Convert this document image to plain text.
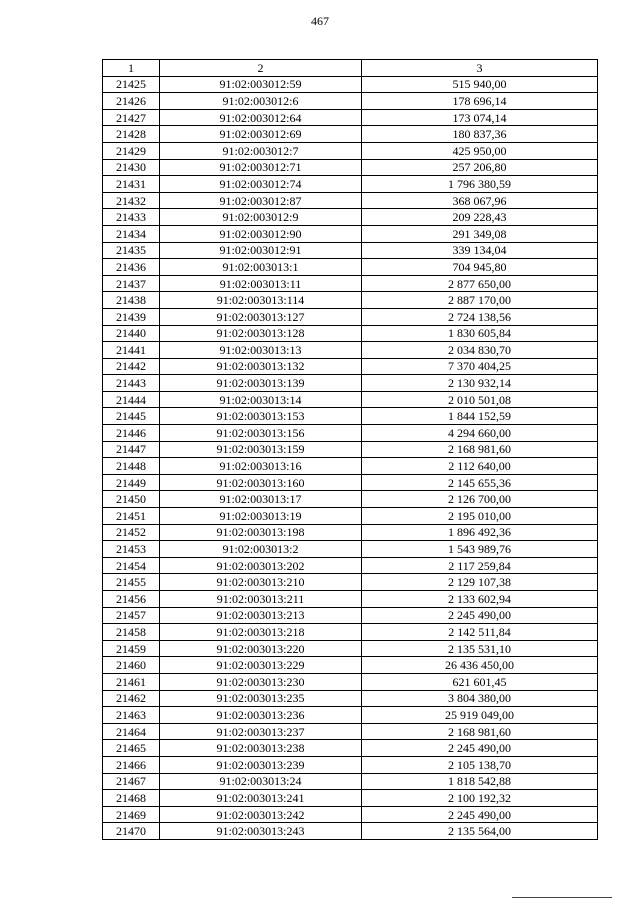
467
1	2	3
21425	91:02:003012:59	515 940,00
21426	91:02:003012:6	178 696,14
21427	91:02:003012:64	173 074,14
21428	91:02:003012:69	180 837,36
21429	91:02:003012:7	425 950,00
21430	91:02:003012:71	257 206,80
21431	91:02:003012:74	1 796 380,59
21432	91:02:003012:87	368 067,96
21433	91:02:003012:9	209 228,43
21434	91:02:003012:90	291 349,08
21435	91:02:003012:91	339 134,04
21436	91:02:003013:1	704 945,80
21437	91:02:003013:11	2 877 650,00
21438	91:02:003013:114	2 887 170,00
21439	91:02:003013:127	2 724 138,56
21440	91:02:003013:128	1 830 605,84
21441	91:02:003013:13	2 034 830,70
21442	91:02:003013:132	7 370 404,25
21443	91:02:003013:139	2 130 932,14
21444	91:02:003013:14	2 010 501,08
21445	91:02:003013:153	1 844 152,59
21446	91:02:003013:156	4 294 660,00
21447	91:02:003013:159	2 168 981,60
21448	91:02:003013:16	2 112 640,00
21449	91:02:003013:160	2 145 655,36
21450	91:02:003013:17	2 126 700,00
21451	91:02:003013:19	2 195 010,00
21452	91:02:003013:198	1 896 492,36
21453	91:02:003013:2	1 543 989,76
21454	91:02:003013:202	2 117 259,84
21455	91:02:003013:210	2 129 107,38
21456	91:02:003013:211	2 133 602,94
21457	91:02:003013:213	2 245 490,00
21458	91:02:003013:218	2 142 511,84
21459	91:02:003013:220	2 135 531,10
21460	91:02:003013:229	26 436 450,00
21461	91:02:003013:230	621 601,45
21462	91:02:003013:235	3 804 380,00
21463	91:02:003013:236	25 919 049,00
21464	91:02:003013:237	2 168 981,60
21465	91:02:003013:238	2 245 490,00
21466	91:02:003013:239	2 105 138,70
21467	91:02:003013:24	1 818 542,88
21468	91:02:003013:241	2 100 192,32
21469	91:02:003013:242	2 245 490,00
21470	91:02:003013:243	2 135 564,00
